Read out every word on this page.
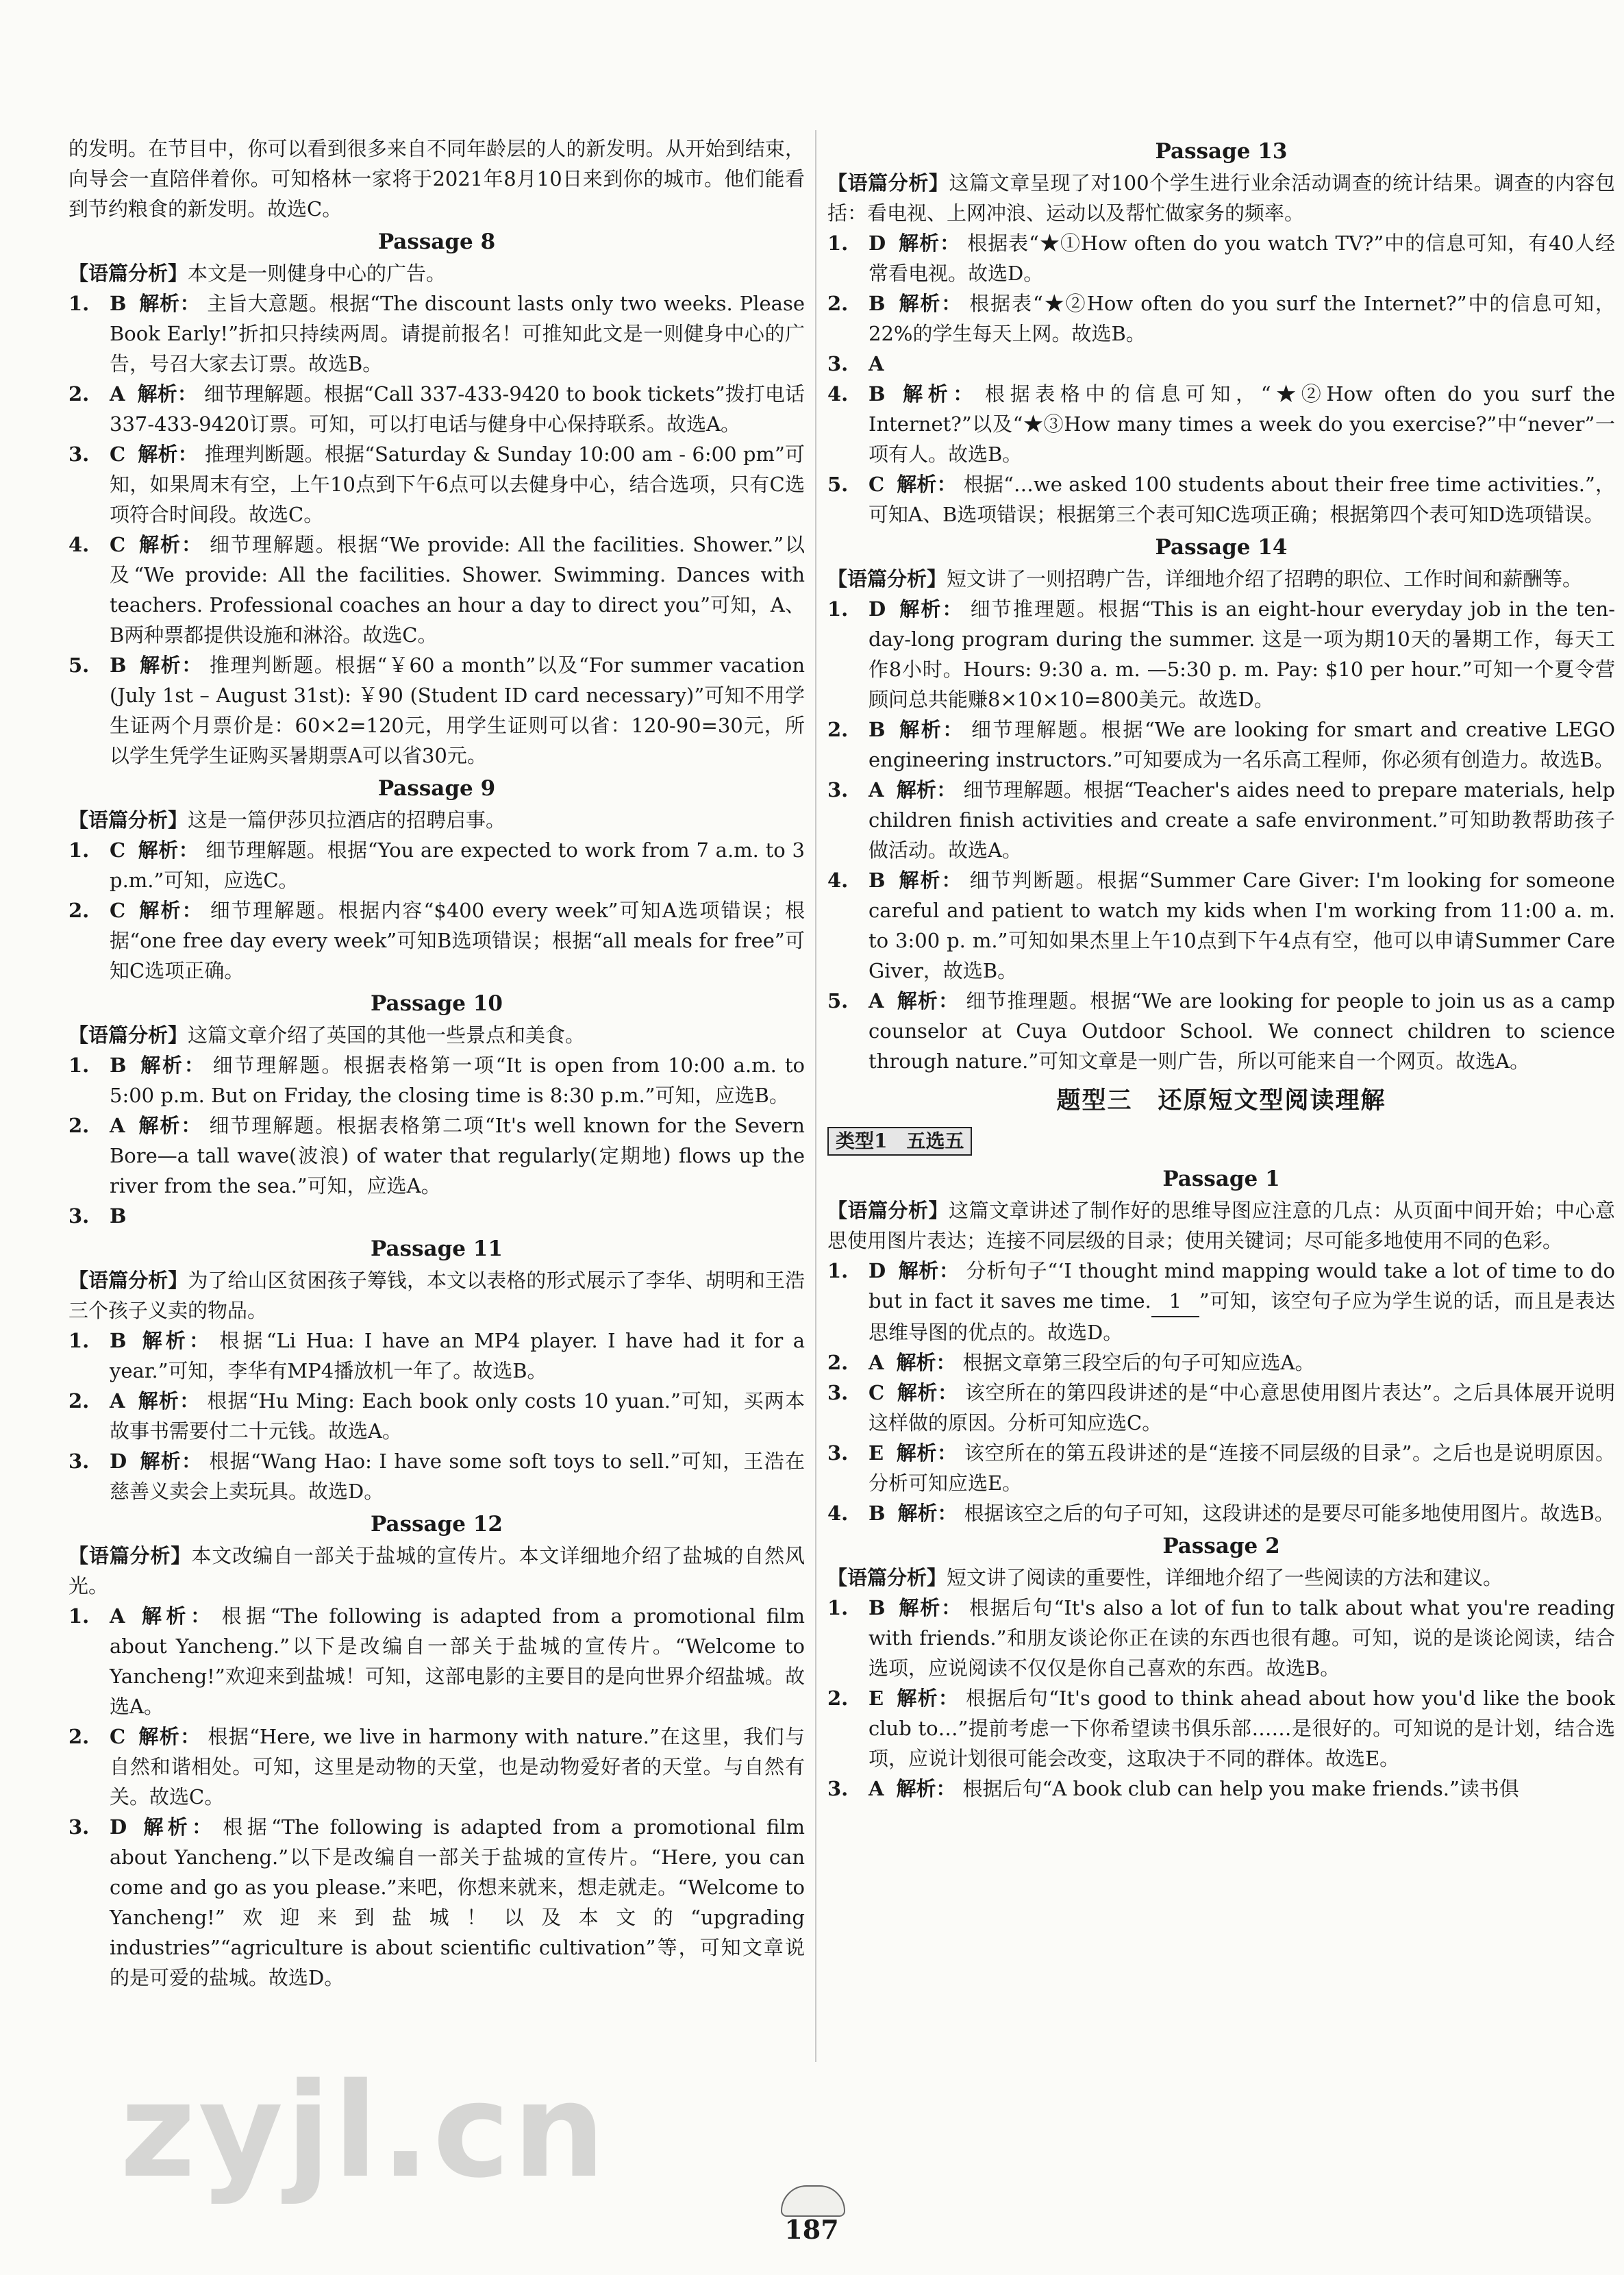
的发明。在节目中，你可以看到很多来自不同年龄层的人的新发明。从开始到结束，向导会一直陪伴着你。可知格林一家将于2021年8月10日来到你的城市。他们能看到节约粮食的新发明。故选C。

Passage 8

【语篇分析】本文是一则健身中心的广告。

1.	B 解析： 主旨大意题。根据“The discount lasts only two weeks. Please Book Early!”折扣只持续两周。请提前报名！可推知此文是一则健身中心的广告，号召大家去订票。故选B。
2.	A 解析： 细节理解题。根据“Call 337-433-9420 to book tickets”拨打电话337-433-9420订票。可知，可以打电话与健身中心保持联系。故选A。
3.	C 解析： 推理判断题。根据“Saturday & Sunday 10:00 am - 6:00 pm”可知，如果周末有空，上午10点到下午6点可以去健身中心，结合选项，只有C选项符合时间段。故选C。
4.	C 解析： 细节理解题。根据“We provide: All the facilities. Shower.”以及“We provide: All the facilities. Shower. Swimming. Dances with teachers. Professional coaches an hour a day to direct you”可知，A、B两种票都提供设施和淋浴。故选C。
5.	B 解析： 推理判断题。根据“￥60 a month”以及“For summer vacation (July 1st – August 31st): ￥90 (Student ID card necessary)”可知不用学生证两个月票价是：60×2=120元，用学生证则可以省：120-90=30元，所以学生凭学生证购买暑期票A可以省30元。
Passage 9

【语篇分析】这是一篇伊莎贝拉酒店的招聘启事。

1.	C 解析： 细节理解题。根据“You are expected to work from 7 a.m. to 3 p.m.”可知，应选C。
2.	C 解析： 细节理解题。根据内容“$400 every week”可知A选项错误；根据“one free day every week”可知B选项错误；根据“all meals for free”可知C选项正确。
Passage 10

【语篇分析】这篇文章介绍了英国的其他一些景点和美食。

1.	B 解析： 细节理解题。根据表格第一项“It is open from 10:00 a.m. to 5:00 p.m. But on Friday, the closing time is 8:30 p.m.”可知，应选B。
2.	A 解析： 细节理解题。根据表格第二项“It's well known for the Severn Bore—a tall wave(波浪) of water that regularly(定期地) flows up the river from the sea.”可知，应选A。
3.	B
Passage 11

【语篇分析】为了给山区贫困孩子筹钱，本文以表格的形式展示了李华、胡明和王浩三个孩子义卖的物品。

1.	B 解析： 根据“Li Hua: I have an MP4 player. I have had it for a year.”可知，李华有MP4播放机一年了。故选B。
2.	A 解析： 根据“Hu Ming: Each book only costs 10 yuan.”可知，买两本故事书需要付二十元钱。故选A。
3.	D 解析： 根据“Wang Hao: I have some soft toys to sell.”可知，王浩在慈善义卖会上卖玩具。故选D。
Passage 12

【语篇分析】本文改编自一部关于盐城的宣传片。本文详细地介绍了盐城的自然风光。

1.	A 解析： 根据“The following is adapted from a promotional film about Yancheng.”以下是改编自一部关于盐城的宣传片。“Welcome to Yancheng!”欢迎来到盐城！可知，这部电影的主要目的是向世界介绍盐城。故选A。
2.	C 解析： 根据“Here, we live in harmony with nature.”在这里，我们与自然和谐相处。可知，这里是动物的天堂，也是动物爱好者的天堂。与自然有关。故选C。
3.	D 解析： 根据“The following is adapted from a promotional film about Yancheng.”以下是改编自一部关于盐城的宣传片。“Here, you can come and go as you please.”来吧，你想来就来，想走就走。“Welcome to Yancheng!”欢迎来到盐城！以及本文的“upgrading industries”“agriculture is about scientific cultivation”等，可知文章说的是可爱的盐城。故选D。
Passage 13

【语篇分析】这篇文章呈现了对100个学生进行业余活动调查的统计结果。调查的内容包括：看电视、上网冲浪、运动以及帮忙做家务的频率。

1.	D 解析： 根据表“★①How often do you watch TV?”中的信息可知，有40人经常看电视。故选D。
2.	B 解析： 根据表“★②How often do you surf the Internet?”中的信息可知，22%的学生每天上网。故选B。
3.	A
4.	B 解析： 根据表格中的信息可知，“★②How often do you surf the Internet?”以及“★③How many times a week do you exercise?”中“never”一项有人。故选B。
5.	C 解析： 根据“…we asked 100 students about their free time activities.”，可知A、B选项错误；根据第三个表可知C选项正确；根据第四个表可知D选项错误。
Passage 14

【语篇分析】短文讲了一则招聘广告，详细地介绍了招聘的职位、工作时间和薪酬等。

1.	D 解析： 细节推理题。根据“This is an eight-hour everyday job in the ten-day-long program during the summer. 这是一项为期10天的暑期工作，每天工作8小时。Hours: 9:30 a. m. —5:30 p. m. Pay: $10 per hour.”可知一个夏令营顾问总共能赚8×10×10=800美元。故选D。
2.	B 解析： 细节理解题。根据“We are looking for smart and creative LEGO engineering instructors.”可知要成为一名乐高工程师，你必须有创造力。故选B。
3.	A 解析： 细节理解题。根据“Teacher's aides need to prepare materials, help children finish activities and create a safe environment.”可知助教帮助孩子做活动。故选A。
4.	B 解析： 细节判断题。根据“Summer Care Giver: I'm looking for someone careful and patient to watch my kids when I'm working from 11:00 a. m. to 3:00 p. m.”可知如果杰里上午10点到下午4点有空，他可以申请Summer Care Giver，故选B。
5.	A 解析： 细节推理题。根据“We are looking for people to join us as a camp counselor at Cuya Outdoor School. We connect children to science through nature.”可知文章是一则广告，所以可能来自一个网页。故选A。
题型三　还原短文型阅读理解
类型1　五选五
Passage 1

【语篇分析】这篇文章讲述了制作好的思维导图应注意的几点：从页面中间开始；中心意思使用图片表达；连接不同层级的目录；使用关键词；尽可能多地使用不同的色彩。

1.	D 解析： 分析句子“‘I thought mind mapping would take a lot of time to do but in fact it saves me time. 1 ”可知，该空句子应为学生说的话，而且是表达思维导图的优点的。故选D。
2.	A 解析： 根据文章第三段空后的句子可知应选A。
3.	C 解析： 该空所在的第四段讲述的是“中心意思使用图片表达”。之后具体展开说明这样做的原因。分析可知应选C。
3.	E 解析： 该空所在的第五段讲述的是“连接不同层级的目录”。之后也是说明原因。分析可知应选E。
4.	B 解析： 根据该空之后的句子可知，这段讲述的是要尽可能多地使用图片。故选B。
Passage 2

【语篇分析】短文讲了阅读的重要性，详细地介绍了一些阅读的方法和建议。

1.	B 解析： 根据后句“It's also a lot of fun to talk about what you're reading with friends.”和朋友谈论你正在读的东西也很有趣。可知，说的是谈论阅读，结合选项，应说阅读不仅仅是你自己喜欢的东西。故选B。
2.	E 解析： 根据后句“It's good to think ahead about how you'd like the book club to…”提前考虑一下你希望读书俱乐部……是很好的。可知说的是计划，结合选项，应说计划很可能会改变，这取决于不同的群体。故选E。
3.	A 解析： 根据后句“A book club can help you make friends.”读书俱
187
zyjl.cn
